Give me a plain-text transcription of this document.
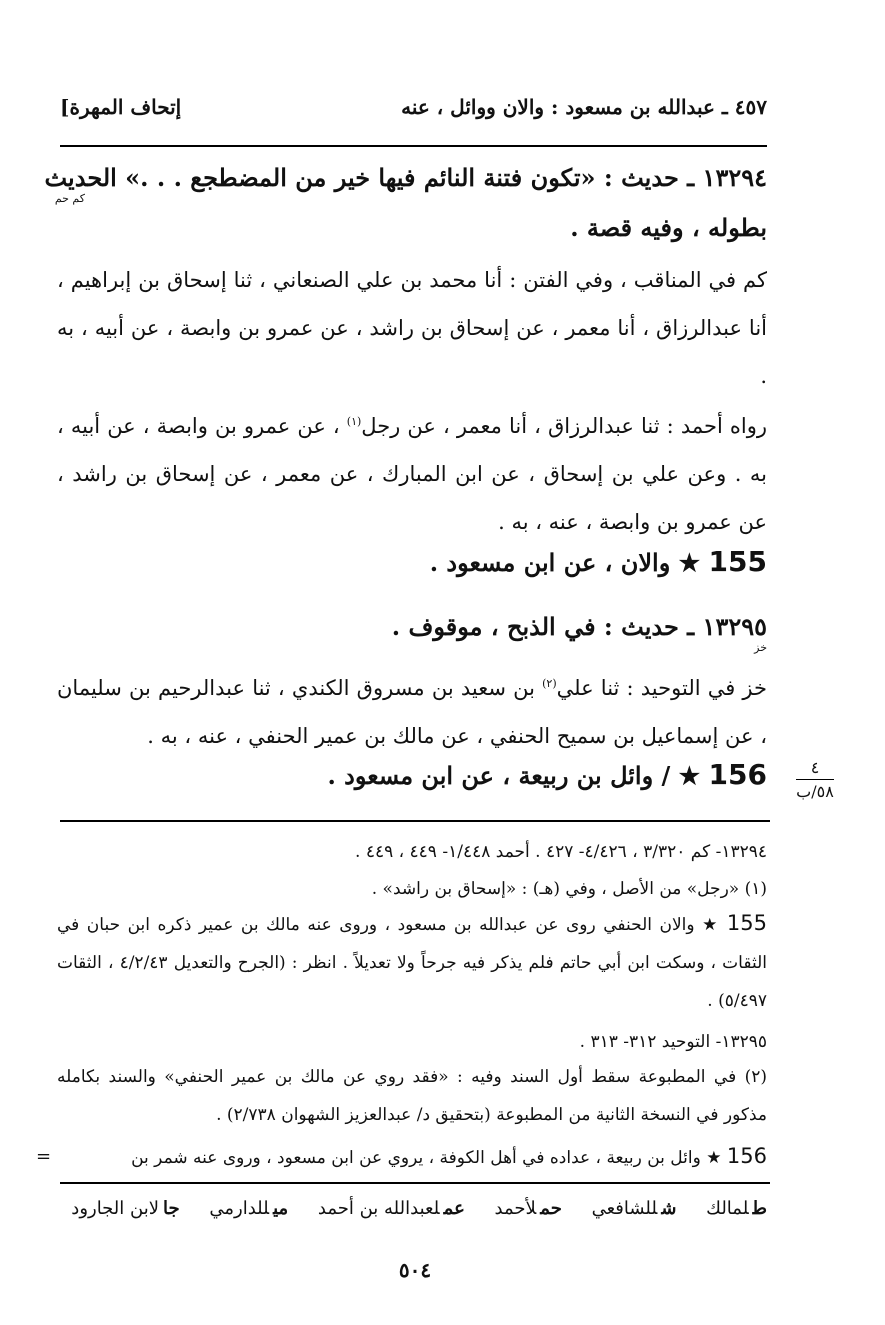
٤٥٧ ـ عبدالله بن مسعود : والان ووائل ، عنه
[إتحاف المهرة
١٣٢٩٤ ـ حديث : «تكون فتنة النائم فيها خير من المضطجع . . .» الحديث
كم حم
بطوله ، وفيه قصة .
كم في المناقب ، وفي الفتن : أنا محمد بن علي الصنعاني ، ثنا إسحاق بن إبراهيم ، أنا عبدالرزاق ، أنا معمر ، عن إسحاق بن راشد ، عن عمرو بن وابصة ، عن أبيه ، به .
رواه أحمد : ثنا عبدالرزاق ، أنا معمر ، عن رجل$^{(١)}$ ، عن عمرو بن وابصة ، عن أبيه ، به . وعن علي بن إسحاق ، عن ابن المبارك ، عن معمر ، عن إسحاق بن راشد ، عن عمرو بن وابصة ، عنه ، به .
155 ★ والان ، عن ابن مسعود .
١٣٢٩٥ ـ حديث : في الذبح ، موقوف .
خز
خز في التوحيد : ثنا علي$^{(٢)}$ بن سعيد بن مسروق الكندي ، ثنا عبدالرحيم بن سليمان ، عن إسماعيل بن سميح الحنفي ، عن مالك بن عمير الحنفي ، عنه ، به .
156 ★ / وائل بن ربيعة ، عن ابن مسعود .	٤
٥٨/ب
١٣٢٩٤- كم ٣/٣٢٠ ، ٤/٤٢٦- ٤٢٧ . أحمد ١/٤٤٨- ٤٤٩ ، ٤٤٩ .
(١) «رجل» من الأصل ، وفي (هـ) : «إسحاق بن راشد» .
155 ★ والان الحنفي روى عن عبدالله بن مسعود ، وروى عنه مالك بن عمير ذكره ابن حبان في الثقات ، وسكت ابن أبي حاتم فلم يذكر فيه جرحاً ولا تعديلاً . انظر : (الجرح والتعديل ٤/٢/٤٣ ، الثقات ٥/٤٩٧) .
١٣٢٩٥- التوحيد ٣١٢- ٣١٣ .
(٢) في المطبوعة سقط أول السند وفيه : «فقد روي عن مالك بن عمير الحنفي» والسند بكامله مذكور في النسخة الثانية من المطبوعة (بتحقيق د/ عبدالعزيز الشهوان ٢/٧٣٨) .
156 ★ وائل بن ربيعة ، عداده في أهل الكوفة ، يروي عن ابن مسعود ، وروى عنه شمر بن
=
طلمالك شللشافعي حملأحمد عملعبدالله بن أحمد ميللدارمي جالابن الجارود
٥٠٤
